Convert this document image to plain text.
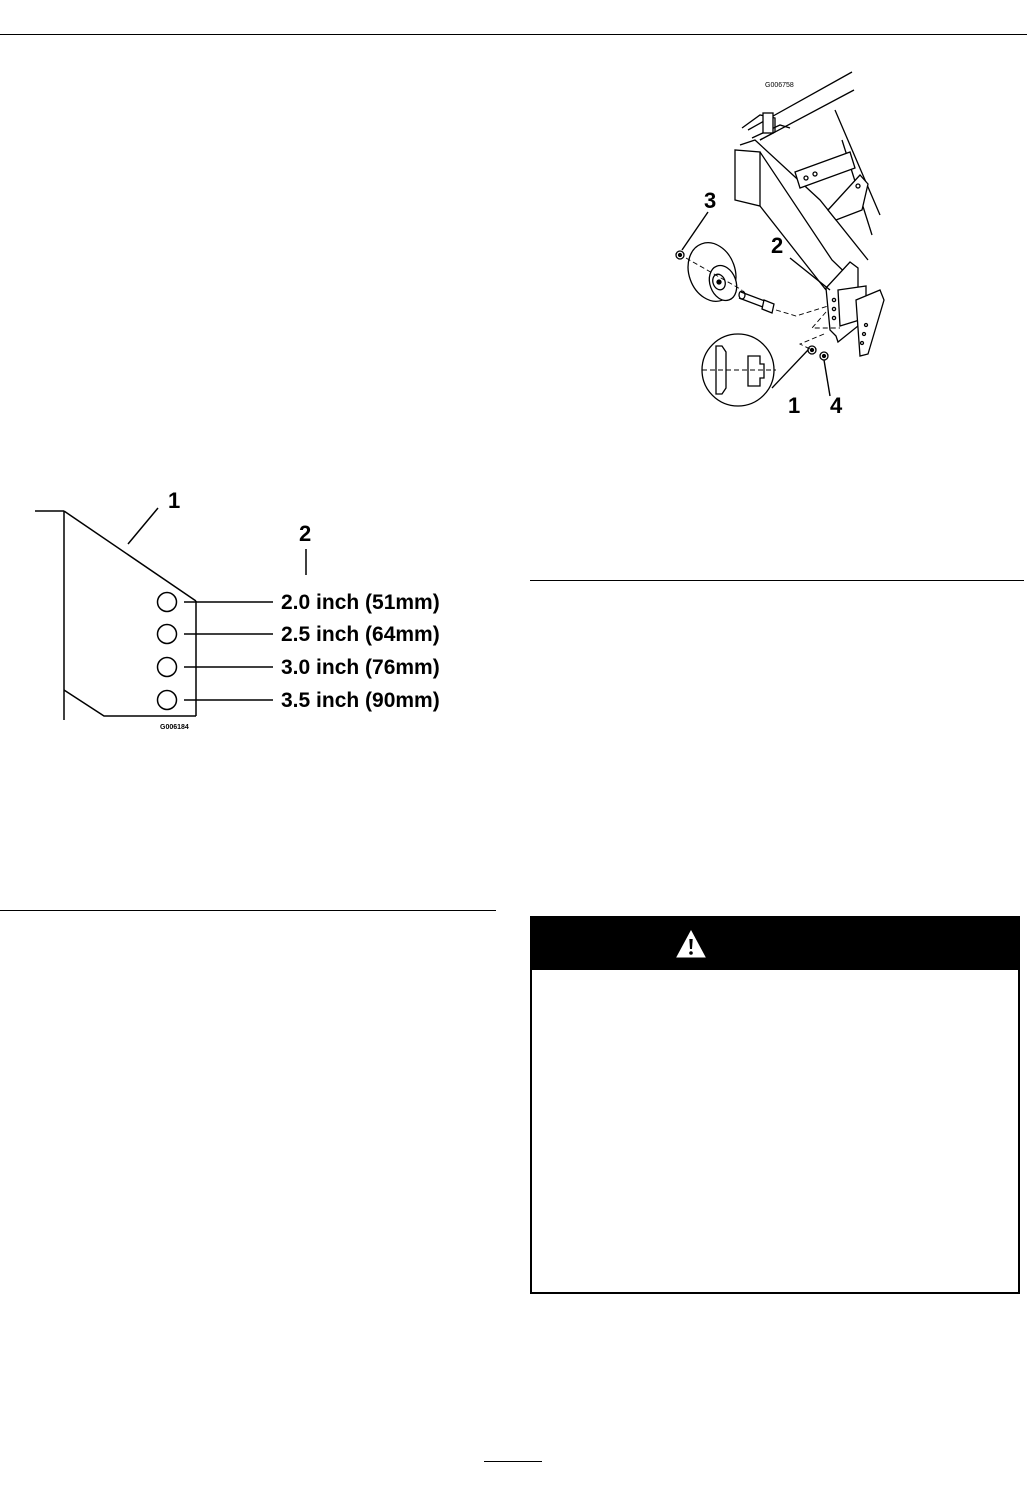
G006758
3
2
1 4
1
2
2.0 inch (51mm)
2.5 inch (64mm)
3.0 inch (76mm)
3.5 inch (90mm)
G006184
